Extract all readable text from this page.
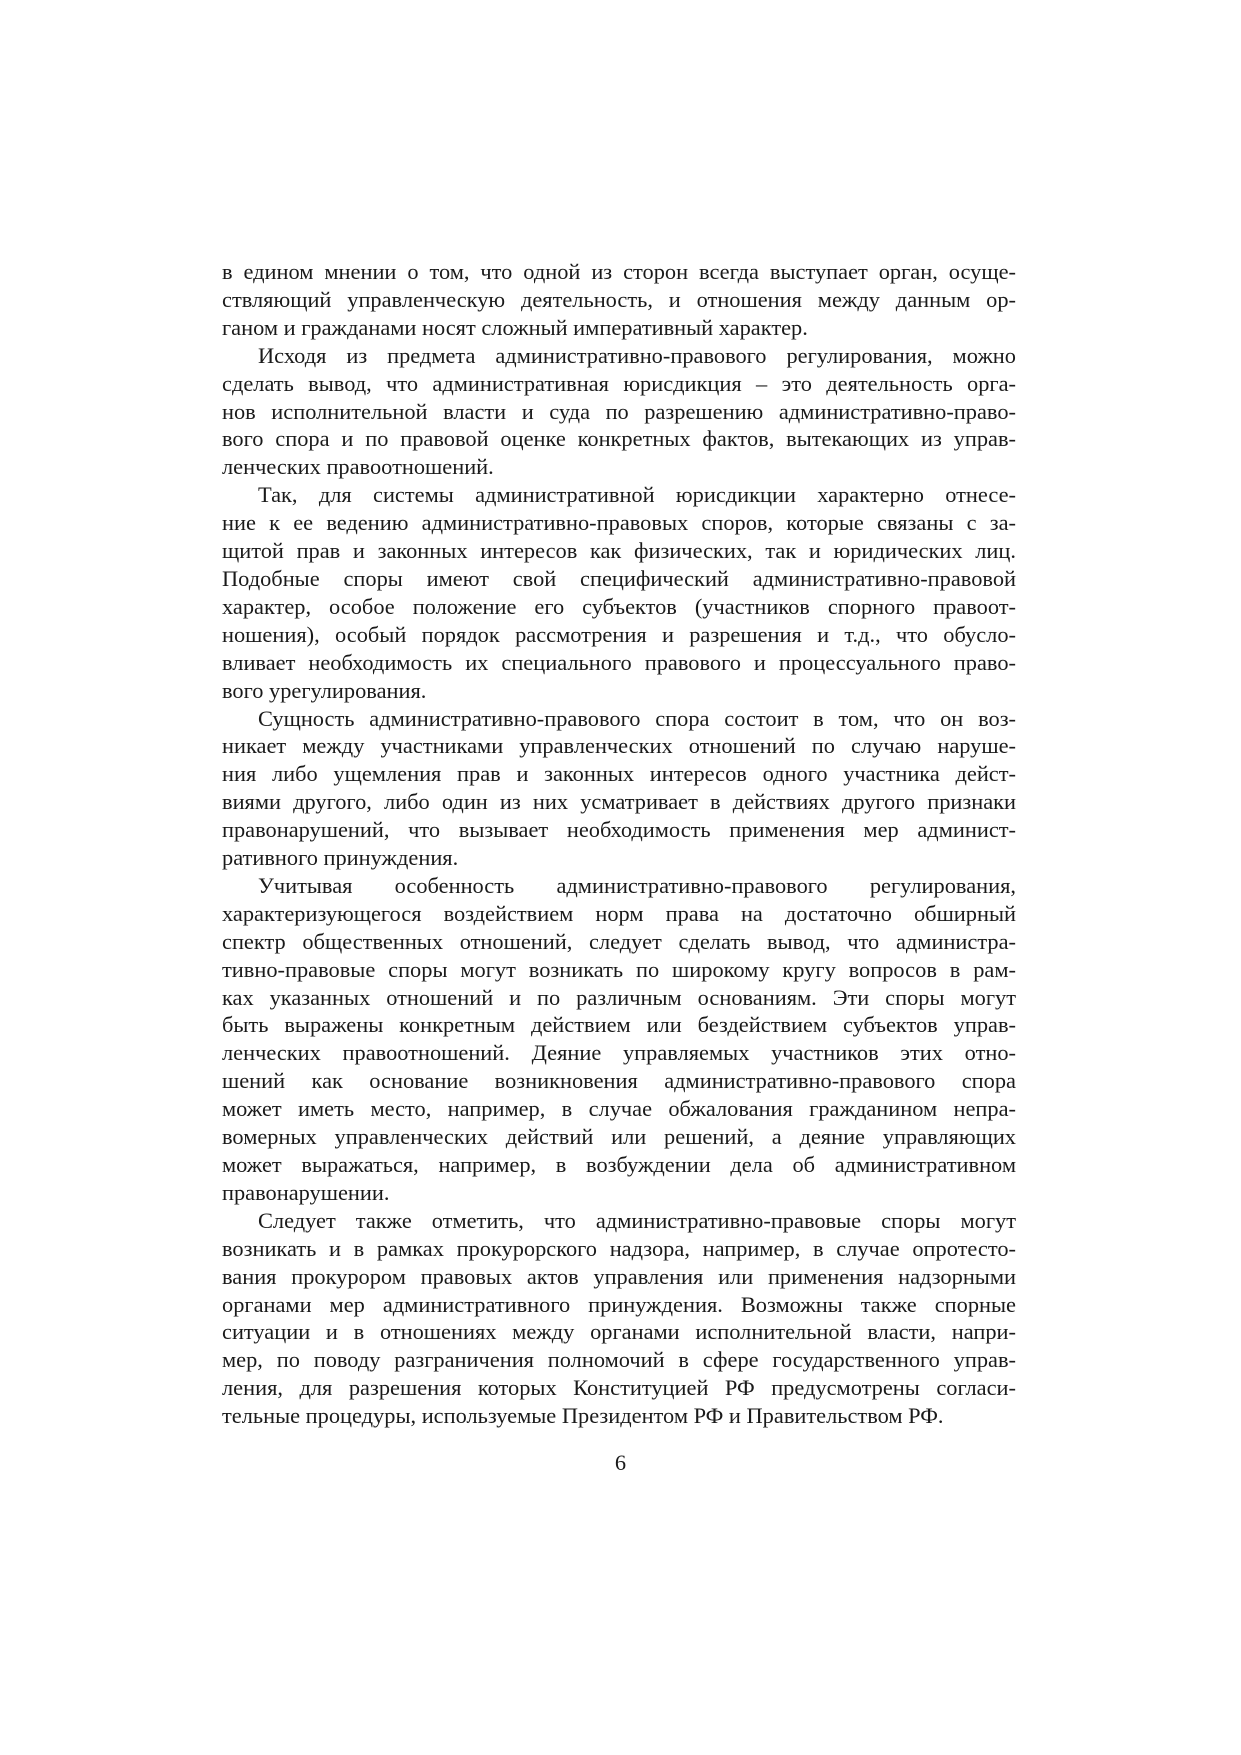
в едином мнении о том, что одной из сторон всегда выступает орган, осуще-
ствляющий управленческую деятельность, и отношения между данным ор-
ганом и гражданами носят сложный императивный характер.

Исходя из предмета административно-правового регулирования, можно
сделать вывод, что административная юрисдикция – это деятельность орга-
нов исполнительной власти и суда по разрешению административно-право-
вого спора и по правовой оценке конкретных фактов, вытекающих из управ-
ленческих правоотношений.

Так, для системы административной юрисдикции характерно отнесе-
ние к ее ведению административно-правовых споров, которые связаны с за-
щитой прав и законных интересов как физических, так и юридических лиц.
Подобные споры имеют свой специфический административно-правовой
характер, особое положение его субъектов (участников спорного правоот-
ношения), особый порядок рассмотрения и разрешения и т.д., что обусло-
вливает необходимость их специального правового и процессуального право-
вого урегулирования.

Сущность административно-правового спора состоит в том, что он воз-
никает между участниками управленческих отношений по случаю наруше-
ния либо ущемления прав и законных интересов одного участника дейст-
виями другого, либо один из них усматривает в действиях другого признаки
правонарушений, что вызывает необходимость применения мер админист-
ративного принуждения.

Учитывая особенность административно-правового регулирования,
характеризующегося воздействием норм права на достаточно обширный
спектр общественных отношений, следует сделать вывод, что администра-
тивно-правовые споры могут возникать по широкому кругу вопросов в рам-
ках указанных отношений и по различным основаниям. Эти споры могут
быть выражены конкретным действием или бездействием субъектов управ-
ленческих правоотношений. Деяние управляемых участников этих отно-
шений как основание возникновения административно-правового спора
может иметь место, например, в случае обжалования гражданином непра-
вомерных управленческих действий или решений, а деяние управляющих
может выражаться, например, в возбуждении дела об административном
правонарушении.

Следует также отметить, что административно-правовые споры могут
возникать и в рамках прокурорского надзора, например, в случае опротесто-
вания прокурором правовых актов управления или применения надзорными
органами мер административного принуждения. Возможны также спорные
ситуации и в отношениях между органами исполнительной власти, напри-
мер, по поводу разграничения полномочий в сфере государственного управ-
ления, для разрешения которых Конституцией РФ предусмотрены согласи-
тельные процедуры, используемые Президентом РФ и Правительством РФ.

6
